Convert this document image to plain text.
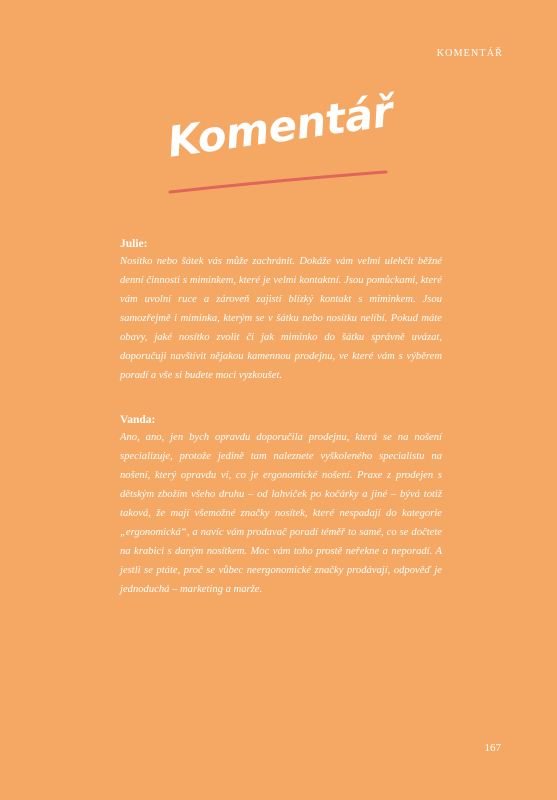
KOMENTÁŘ
Komentář
Julie:
Nosítko nebo šátek vás může zachránit. Dokáže vám velmi ulehčit běžné denní činnosti s miminkem, které je velmi kontaktní. Jsou pomůckami, které vám uvolní ruce a zároveň zajistí blízký kontakt s miminkem. Jsou samozřejmě i miminka, kterým se v šátku nebo nosítku nelíbí. Pokud máte obavy, jaké nosítko zvolit či jak miminko do šátku správně uvázat, doporučuji navštívit nějakou kamennou prodejnu, ve které vám s výběrem poradí a vše si budete moci vyzkoušet.
Vanda:
Ano, ano, jen bych opravdu doporučila prodejnu, která se na nošení specializuje, protože jedině tam naleznete vyškoleného specialistu na nošení, který opravdu ví, co je ergonomické nošení. Praxe z prodejen s dětským zbožím všeho druhu – od lahviček po kočárky a jiné – bývá totiž taková, že mají všemožné značky nosítek, které nespadají do kategorie „ergonomická“, a navíc vám prodavač poradí téměř to samé, co se dočtete na krabici s daným nosítkem. Moc vám toho prostě neřekne a neporadí. A jestli se ptáte, proč se vůbec neergonomické značky prodávají, odpověď je jednoduchá – marketing a marže.
167
